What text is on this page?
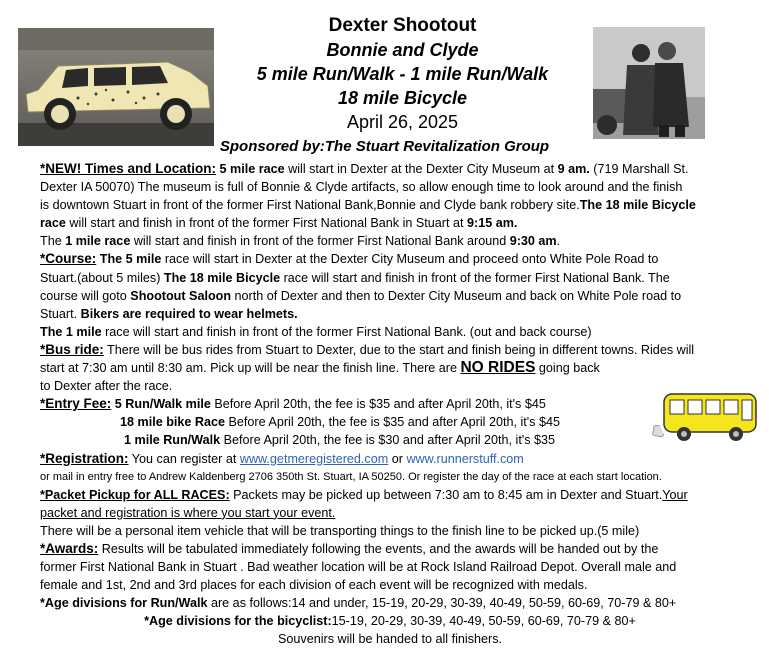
Dexter Shootout
Bonnie and Clyde
5 mile Run/Walk - 1 mile Run/Walk
18 mile Bicycle
April 26, 2025
Sponsored by:The Stuart Revitalization Group
*NEW! Times and Location: 5 mile race will start in Dexter at the Dexter City Museum at 9 am. (719 Marshall St.
Dexter IA 50070) The museum is full of Bonnie & Clyde artifacts, so allow enough time to look around and the finish
is downtown Stuart in front of the former First National Bank,Bonnie and Clyde bank robbery site.The 18 mile Bicycle
race will start and finish in front of the former First National Bank in Stuart at 9:15 am.
The 1 mile race will start and finish in front of the former First National Bank around 9:30 am.
*Course: The 5 mile race will start in Dexter at the Dexter City Museum and proceed onto White Pole Road to
Stuart.(about 5 miles) The 18 mile Bicycle race will start and finish in front of the former First National Bank. The
course will goto Shootout Saloon north of Dexter and then to Dexter City Museum and back on White Pole road to
Stuart. Bikers are required to wear helmets.
The 1 mile race will start and finish in front of the former First National Bank. (out and back course)
*Bus ride: There will be bus rides from Stuart to Dexter, due to the start and finish being in different towns. Rides will
start at 7:30 am until 8:30 am. Pick up will be near the finish line. There are NO RIDES going back
to Dexter after the race.
*Entry Fee: 5 Run/Walk mile Before April 20th, the fee is $35 and after April 20th, it's $45
18 mile bike Race Before April 20th, the fee is $35 and after April 20th, it's $45
1 mile Run/Walk Before April 20th, the fee is $30 and after April 20th, it's $35
*Registration: You can register at www.getmeregistered.com or www.runnerstuff.com
or mail in entry free to Andrew Kaldenberg 2706 350th St. Stuart, IA 50250. Or register the day of the race at each start location.
*Packet Pickup for ALL RACES: Packets may be picked up between 7:30 am to 8:45 am in Dexter and Stuart.Your
packet and registration is where you start your event.
There will be a personal item vehicle that will be transporting things to the finish line to be picked up.(5 mile)
*Awards: Results will be tabulated immediately following the events, and the awards will be handed out by the
former First National Bank in Stuart . Bad weather location will be at Rock Island Railroad Depot. Overall male and
female and 1st, 2nd and 3rd places for each division of each event will be recognized with medals.
*Age divisions for Run/Walk are as follows:14 and under, 15-19, 20-29, 30-39, 40-49, 50-59, 60-69, 70-79 & 80+
*Age divisions for the bicyclist:15-19, 20-29, 30-39, 40-49, 50-59, 60-69, 70-79 & 80+
Souvenirs will be handed to all finishers.
